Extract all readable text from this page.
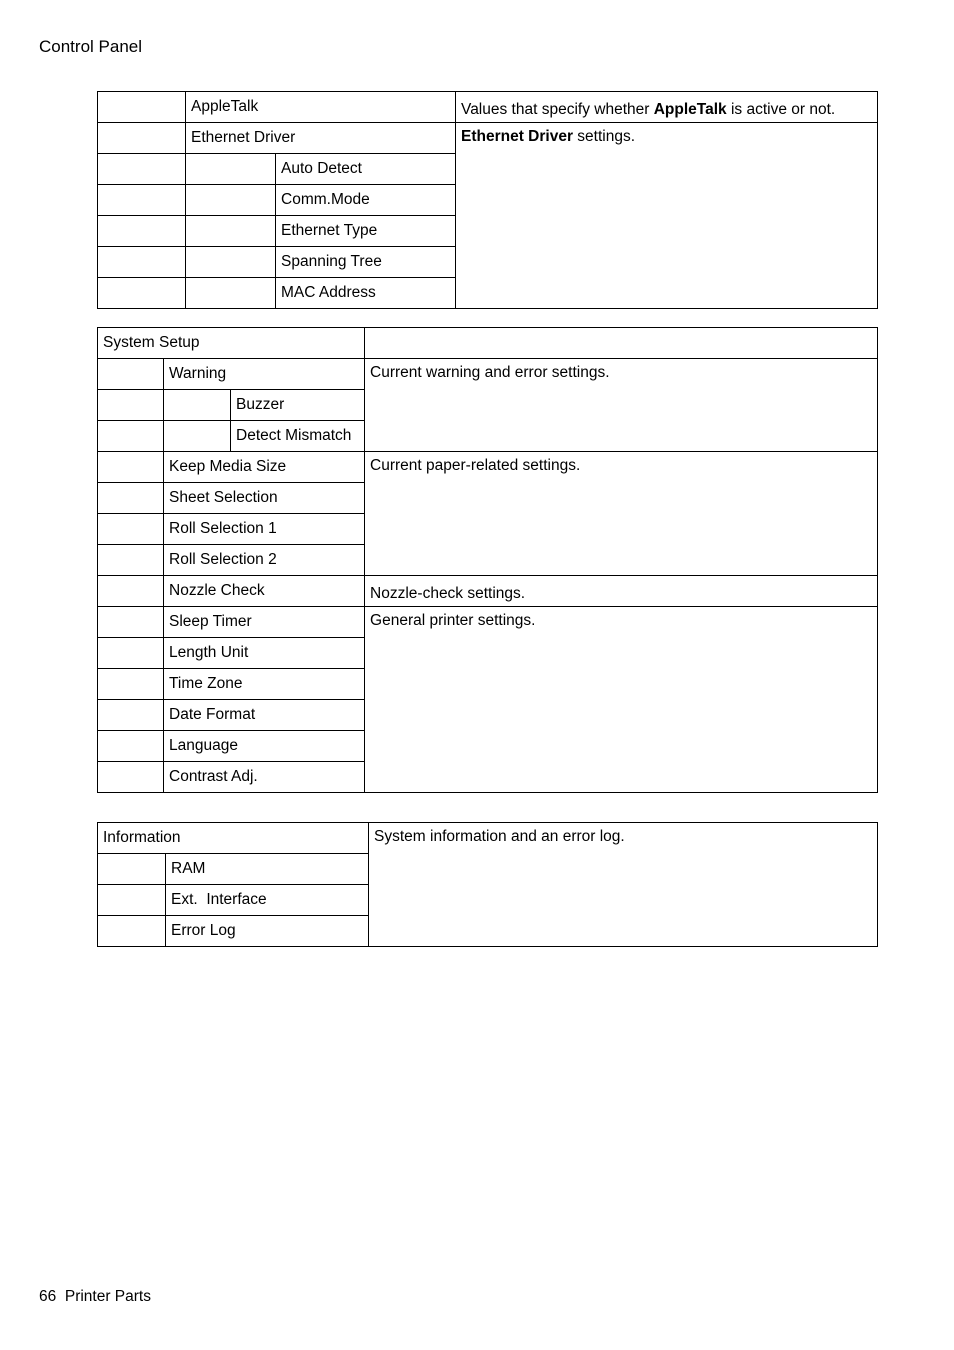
Control Panel
	AppleTalk		Values that specify whether AppleTalk is active or not.
	Ethernet Driver		Ethernet Driver settings.
		Auto Detect	
		Comm.Mode	
		Ethernet Type	
		Spanning Tree	
		MAC Address	
System Setup			
	Warning		Current warning and error settings.
		Buzzer	
		Detect Mismatch	
	Keep Media Size		Current paper-related settings.
	Sheet Selection		
	Roll Selection 1		
	Roll Selection 2		
	Nozzle Check		Nozzle-check settings.
	Sleep Timer		General printer settings.
	Length Unit		
	Time Zone		
	Date Format		
	Language		
	Contrast Adj.		
Information		System information and an error log.
	RAM	
	Ext.  Interface	
	Error Log	
66  Printer Parts
